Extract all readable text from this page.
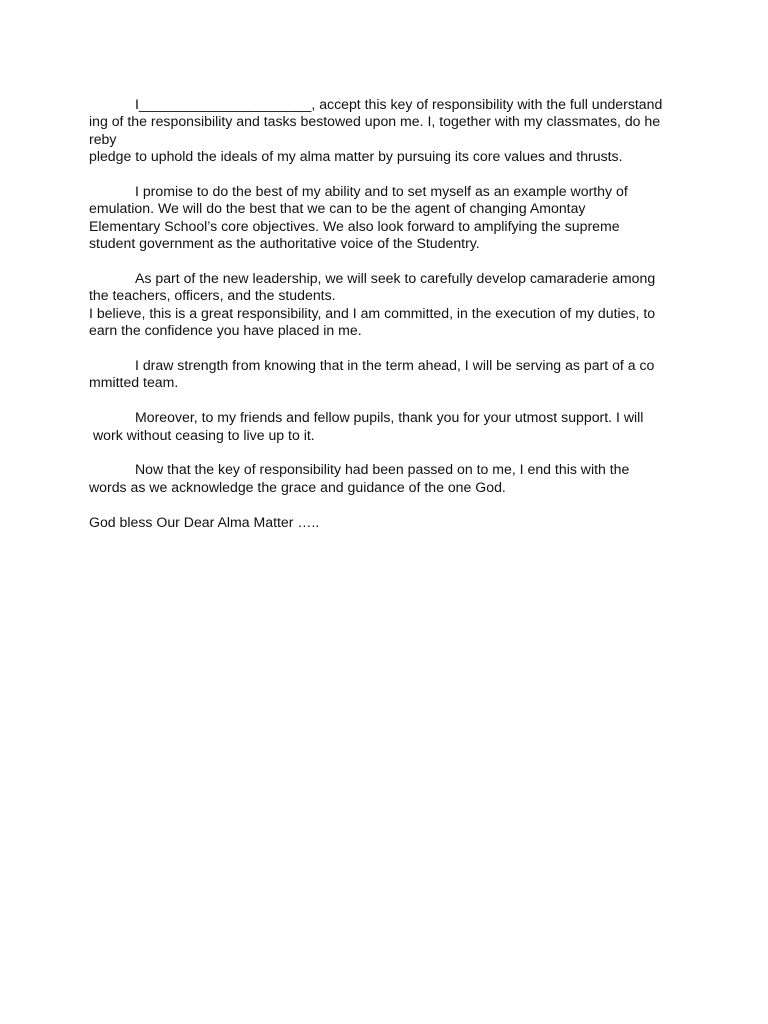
I______________________, accept this key of responsibility with the full understand
ing of the responsibility and tasks bestowed upon me. I, together with my classmates, do he
reby
pledge to uphold the ideals of my alma matter by pursuing its core values and thrusts.

I promise to do the best of my ability and to set myself as an example worthy of
emulation. We will do the best that we can to be the agent of changing Amontay
Elementary School’s core objectives. We also look forward to amplifying the supreme
student government as the authoritative voice of the Studentry.

As part of the new leadership, we will seek to carefully develop camaraderie among
the teachers, officers, and the students.
I believe, this is a great responsibility, and I am committed, in the execution of my duties, to
earn the confidence you have placed in me.

I draw strength from knowing that in the term ahead, I will be serving as part of a co
mmitted team.

Moreover, to my friends and fellow pupils, thank you for your utmost support. I will
work without ceasing to live up to it.

Now that the key of responsibility had been passed on to me, I end this with the
words as we acknowledge the grace and guidance of the one God.

God bless Our Dear Alma Matter …..
